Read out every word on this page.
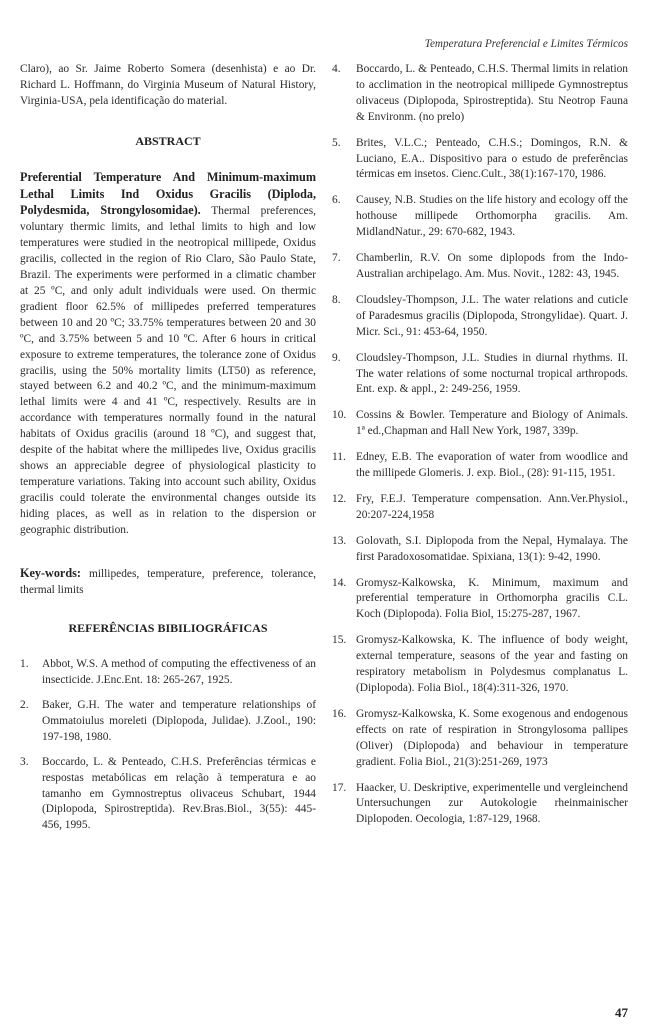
Temperatura Preferencial e Limites Térmicos

Claro), ao Sr. Jaime Roberto Somera (desenhista) e ao Dr. Richard L. Hoffmann, do Virginia Museum of Natural History, Virginia-USA, pela identificação do material.

ABSTRACT

Preferential Temperature And Minimum-maximum Lethal Limits Ind Oxidus Gracilis (Diploda, Polydesmida, Strongylosomidae). Thermal preferences, voluntary thermic limits, and lethal limits to high and low temperatures were studied in the neotropical millipede, Oxidus gracilis, collected in the region of Rio Claro, São Paulo State, Brazil. The experiments were performed in a climatic chamber at 25 ºC, and only adult individuals were used. On thermic gradient floor 62.5% of millipedes preferred temperatures between 10 and 20 ºC; 33.75% temperatures between 20 and 30 ºC, and 3.75% between 5 and 10 ºC. After 6 hours in critical exposure to extreme temperatures, the tolerance zone of Oxidus gracilis, using the 50% mortality limits (LT50) as reference, stayed between 6.2 and 40.2 ºC, and the minimum-maximum lethal limits were 4 and 41 ºC, respectively. Results are in accordance with temperatures normally found in the natural habitats of Oxidus gracilis (around 18 ºC), and suggest that, despite of the habitat where the millipedes live, Oxidus gracilis shows an appreciable degree of physiological plasticity to temperature variations. Taking into account such ability, Oxidus gracilis could tolerate the environmental changes outside its hiding places, as well as in relation to the dispersion or geographic distribution.

Key-words: millipedes, temperature, preference, tolerance, thermal limits

REFERÊNCIAS BIBILIOGRÁFICAS
1.	Abbot, W.S. A method of computing the effectiveness of an insecticide. J.Enc.Ent. 18: 265-267, 1925.
2.	Baker, G.H. The water and temperature relationships of Ommatoiulus moreleti (Diplopoda, Julidae). J.Zool., 190: 197-198, 1980.
3.	Boccardo, L. & Penteado, C.H.S. Preferências térmicas e respostas metabólicas em relação à temperatura e ao tamanho em Gymnostreptus olivaceus Schubart, 1944 (Diplopoda, Spirostreptida). Rev.Bras.Biol., 3(55): 445-456, 1995.
4.	Boccardo, L. & Penteado, C.H.S. Thermal limits in relation to acclimation in the neotropical millipede Gymnostreptus olivaceus (Diplopoda, Spirostreptida). Stu Neotrop Fauna & Environm. (no prelo)
5.	Brites, V.L.C.; Penteado, C.H.S.; Domingos, R.N. & Luciano, E.A.. Dispositivo para o estudo de preferências térmicas em insetos. Cienc.Cult., 38(1):167-170, 1986.
6.	Causey, N.B. Studies on the life history and ecology off the hothouse millipede Orthomorpha gracilis. Am. MidlandNatur., 29: 670-682, 1943.
7.	Chamberlin, R.V. On some diplopods from the Indo-Australian archipelago. Am. Mus. Novit., 1282: 43, 1945.
8.	Cloudsley-Thompson, J.L. The water relations and cuticle of Paradesmus gracilis (Diplopoda, Strongylidae). Quart. J. Micr. Sci., 91: 453-64, 1950.
9.	Cloudsley-Thompson, J.L. Studies in diurnal rhythms. II. The water relations of some nocturnal tropical arthropods. Ent. exp. & appl., 2: 249-256, 1959.
10. Cossins & Bowler. Temperature and Biology of Animals. 1ª ed.,Chapman and Hall New York, 1987, 339p.
11. Edney, E.B. The evaporation of water from woodlice and the millipede Glomeris. J. exp. Biol., (28): 91-115, 1951.
12. Fry, F.E.J. Temperature compensation. Ann.Ver.Physiol., 20:207-224,1958
13. Golovath, S.I. Diplopoda from the Nepal, Hymalaya. The first Paradoxosomatidae. Spixiana, 13(1): 9-42, 1990.
14. Gromysz-Kalkowska, K. Minimum, maximum and preferential temperature in Orthomorpha gracilis C.L. Koch (Diplopoda). Folia Biol, 15:275-287, 1967.
15. Gromysz-Kalkowska, K. The influence of body weight, external temperature, seasons of the year and fasting on respiratory metabolism in Polydesmus complanatus L. (Diplopoda). Folia Biol., 18(4):311-326, 1970.
16. Gromysz-Kalkowska, K. Some exogenous and endogenous effects on rate of respiration in Strongylosoma pallipes (Oliver) (Diplopoda) and behaviour in temperature gradient. Folia Biol., 21(3):251-269, 1973
17. Haacker, U. Deskriptive, experimentelle und vergleinchend Untersuchungen zur Autokologie rheinmainischer Diplopoden. Oecologia, 1:87-129, 1968.
47
